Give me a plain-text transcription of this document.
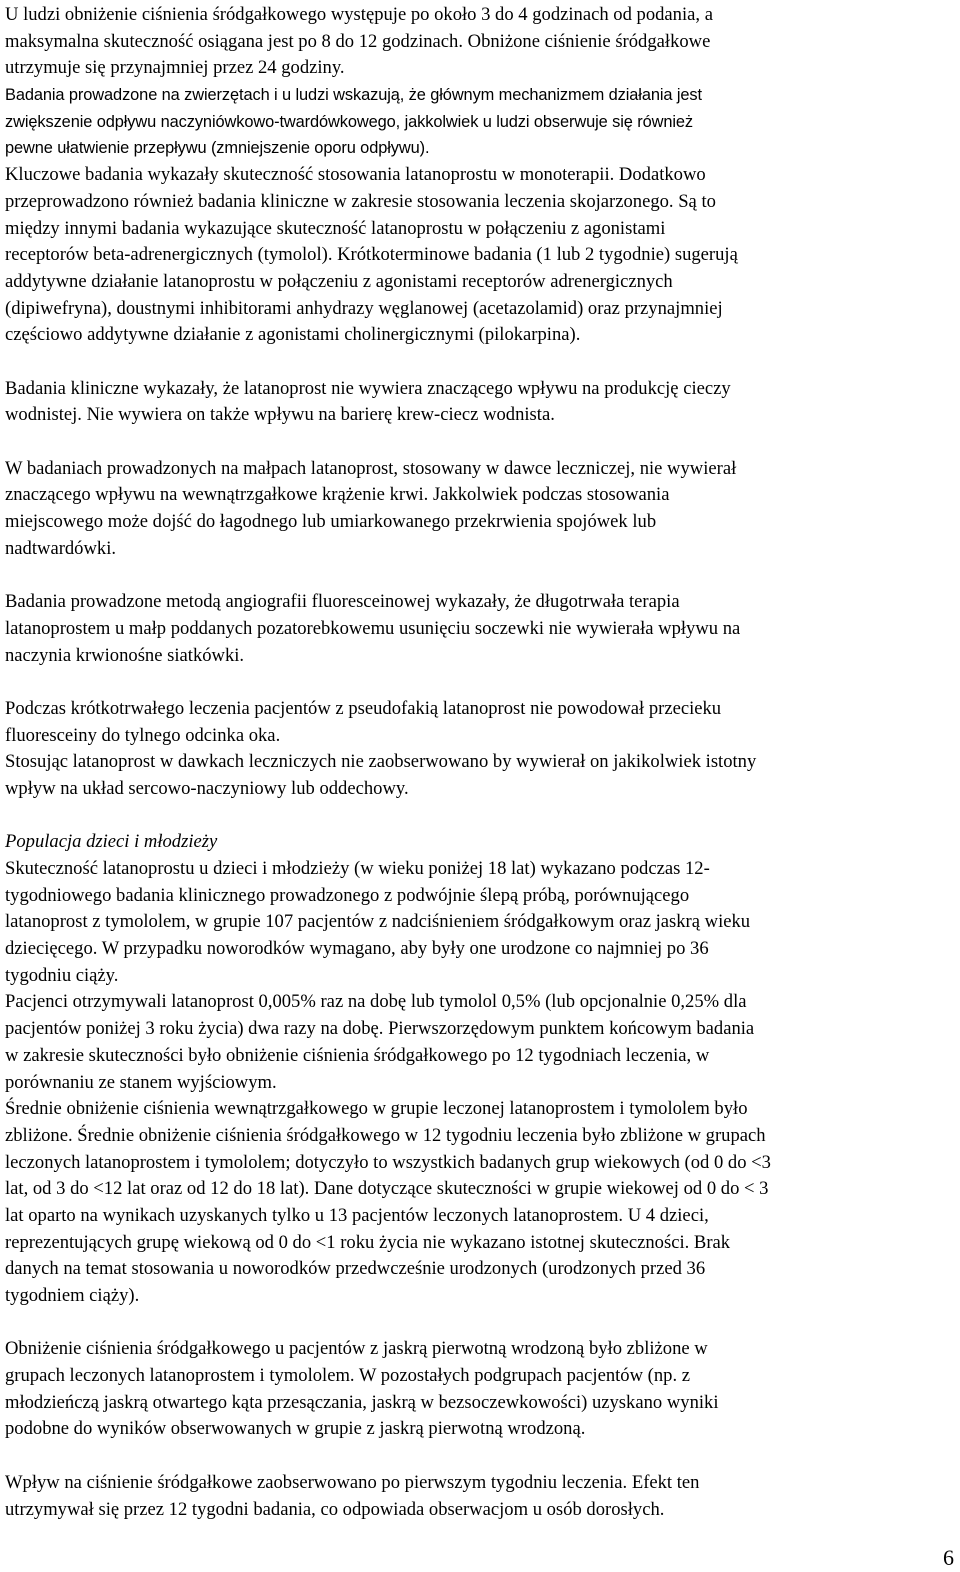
U ludzi obniżenie ciśnienia śródgałkowego występuje po około 3 do 4 godzinach od podania, a
maksymalna skuteczność osiągana jest po 8 do 12 godzinach. Obniżone ciśnienie śródgałkowe
utrzymuje się przynajmniej przez 24 godziny.
Badania prowadzone na zwierzętach i u ludzi wskazują, że głównym mechanizmem działania jest
zwiększenie odpływu naczyniówkowo-twardówkowego, jakkolwiek u ludzi obserwuje się również
pewne ułatwienie przepływu (zmniejszenie oporu odpływu).
Kluczowe badania wykazały skuteczność stosowania latanoprostu w monoterapii. Dodatkowo
przeprowadzono również badania kliniczne w zakresie stosowania leczenia skojarzonego. Są to
między innymi badania wykazujące skuteczność latanoprostu w połączeniu z agonistami
receptorów beta-adrenergicznych (tymolol). Krótkoterminowe badania (1 lub 2 tygodnie) sugerują
addytywne działanie latanoprostu w połączeniu z agonistami receptorów adrenergicznych
(dipiwefryna), doustnymi inhibitorami anhydrazy węglanowej (acetazolamid) oraz przynajmniej
częściowo addytywne działanie z agonistami cholinergicznymi (pilokarpina).
Badania kliniczne wykazały, że latanoprost nie wywiera znaczącego wpływu na produkcję cieczy
wodnistej. Nie wywiera on także wpływu na barierę krew-ciecz wodnista.
W badaniach prowadzonych na małpach latanoprost, stosowany w dawce leczniczej, nie wywierał
znaczącego wpływu na wewnątrzgałkowe krążenie krwi. Jakkolwiek podczas stosowania
miejscowego może dojść do łagodnego lub umiarkowanego przekrwienia spojówek lub
nadtwardówki.
Badania prowadzone metodą angiografii fluoresceinowej wykazały, że długotrwała terapia
latanoprostem u małp poddanych pozatorebkowemu usunięciu soczewki nie wywierała wpływu na
naczynia krwionośne siatkówki.
Podczas krótkotrwałego leczenia pacjentów z pseudofakią latanoprost nie powodował przecieku
fluoresceiny do tylnego odcinka oka.
Stosując latanoprost w dawkach leczniczych nie zaobserwowano by wywierał on jakikolwiek istotny
wpływ na układ sercowo-naczyniowy lub oddechowy.
Populacja dzieci i młodzieży
Skuteczność latanoprostu u dzieci i młodzieży (w wieku poniżej 18 lat) wykazano podczas 12-
tygodniowego badania klinicznego prowadzonego z podwójnie ślepą próbą, porównującego
latanoprost z tymololem, w grupie 107 pacjentów z nadciśnieniem śródgałkowym oraz jaskrą wieku
dziecięcego. W przypadku noworodków wymagano, aby były one urodzone co najmniej po 36
tygodniu ciąży.
Pacjenci otrzymywali latanoprost 0,005% raz na dobę lub tymolol 0,5% (lub opcjonalnie 0,25% dla
pacjentów poniżej 3 roku życia) dwa razy na dobę. Pierwszorzędowym punktem końcowym badania
w zakresie skuteczności było obniżenie ciśnienia śródgałkowego po 12 tygodniach leczenia, w
porównaniu ze stanem wyjściowym.
Średnie obniżenie ciśnienia wewnątrzgałkowego w grupie leczonej latanoprostem i tymololem było
zbliżone. Średnie obniżenie ciśnienia śródgałkowego w 12 tygodniu leczenia było zbliżone w grupach
leczonych latanoprostem i tymololem; dotyczyło to wszystkich badanych grup wiekowych (od 0 do <3
lat, od 3 do <12 lat oraz od 12 do 18 lat). Dane dotyczące skuteczności w grupie wiekowej od 0 do < 3
lat oparto na wynikach uzyskanych tylko u 13 pacjentów leczonych latanoprostem. U 4 dzieci,
reprezentujących grupę wiekową od 0 do <1 roku życia nie wykazano istotnej skuteczności. Brak
danych na temat stosowania u noworodków przedwcześnie urodzonych (urodzonych przed 36
tygodniem ciąży).
Obniżenie ciśnienia śródgałkowego u pacjentów z jaskrą pierwotną wrodzoną było zbliżone w
grupach leczonych latanoprostem i tymololem. W pozostałych podgrupach pacjentów (np. z
młodzieńczą jaskrą otwartego kąta przesączania, jaskrą w bezsoczewkowości) uzyskano wyniki
podobne do wyników obserwowanych w grupie z jaskrą pierwotną wrodzoną.
Wpływ na ciśnienie śródgałkowe zaobserwowano po pierwszym tygodniu leczenia. Efekt ten
utrzymywał się przez 12 tygodni badania, co odpowiada obserwacjom u osób dorosłych.
6
